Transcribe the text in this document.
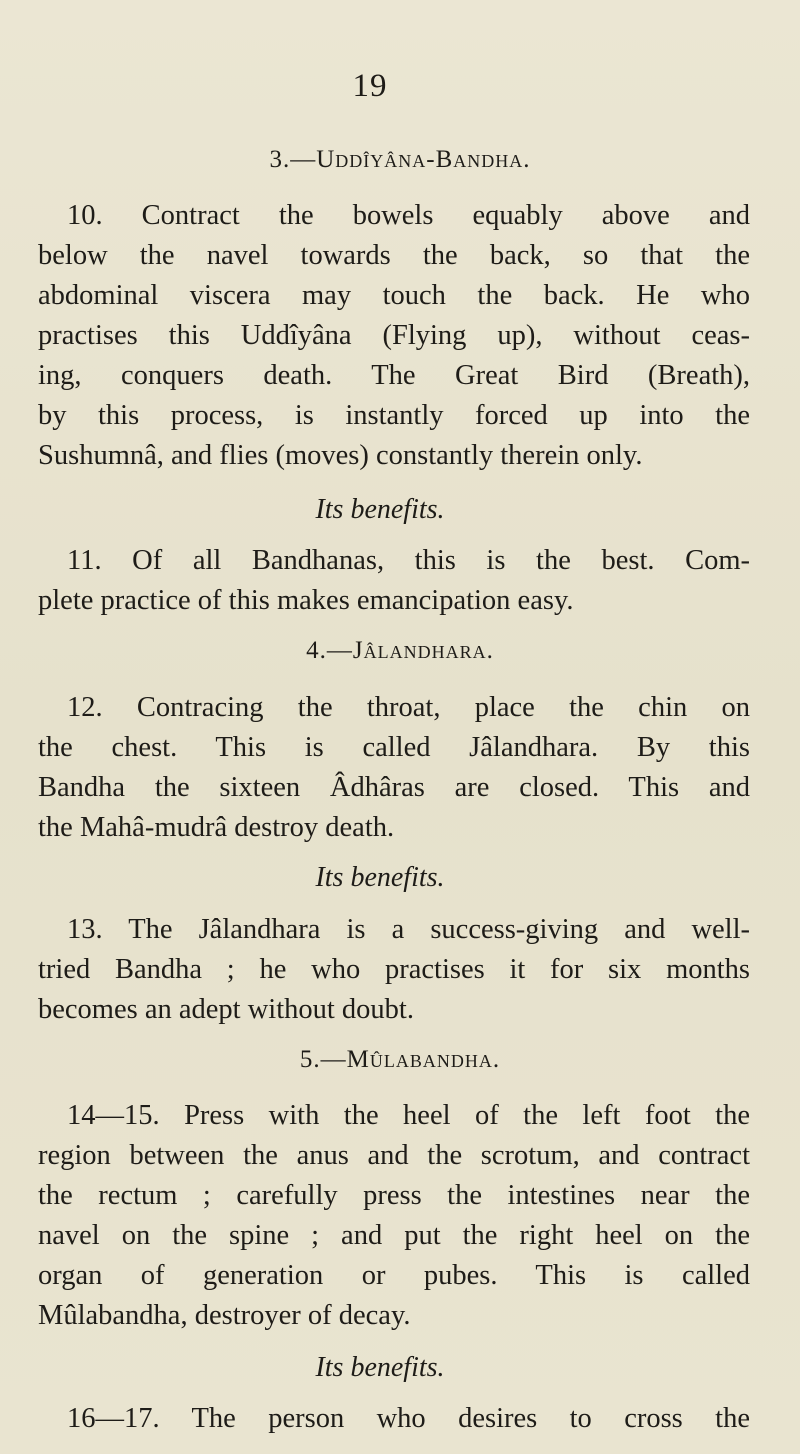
19
3.—Uddîyâna-Bandha.
10. Contract the bowels equably above and
below the navel towards the back, so that the
abdominal viscera may touch the back. He who
practises this Uddîyâna (Flying up), without ceas-
ing, conquers death. The Great Bird (Breath),
by this process, is instantly forced up into the
Sushumnâ, and flies (moves) constantly therein only.
Its benefits.
11. Of all Bandhanas, this is the best. Com-
plete practice of this makes emancipation easy.
4.—Jâlandhara.
12. Contracing the throat, place the chin on
the chest. This is called Jâlandhara. By this
Bandha the sixteen Âdhâras are closed. This and
the Mahâ-mudrâ destroy death.
Its benefits.
13. The Jâlandhara is a success-giving and well-
tried Bandha ; he who practises it for six months
becomes an adept without doubt.
5.—Mûlabandha.
14—15. Press with the heel of the left foot the
region between the anus and the scrotum, and contract
the rectum ; carefully press the intestines near the
navel on the spine ; and put the right heel on the
organ of generation or pubes. This is called
Mûlabandha, destroyer of decay.
Its benefits.
16—17. The person who desires to cross the
